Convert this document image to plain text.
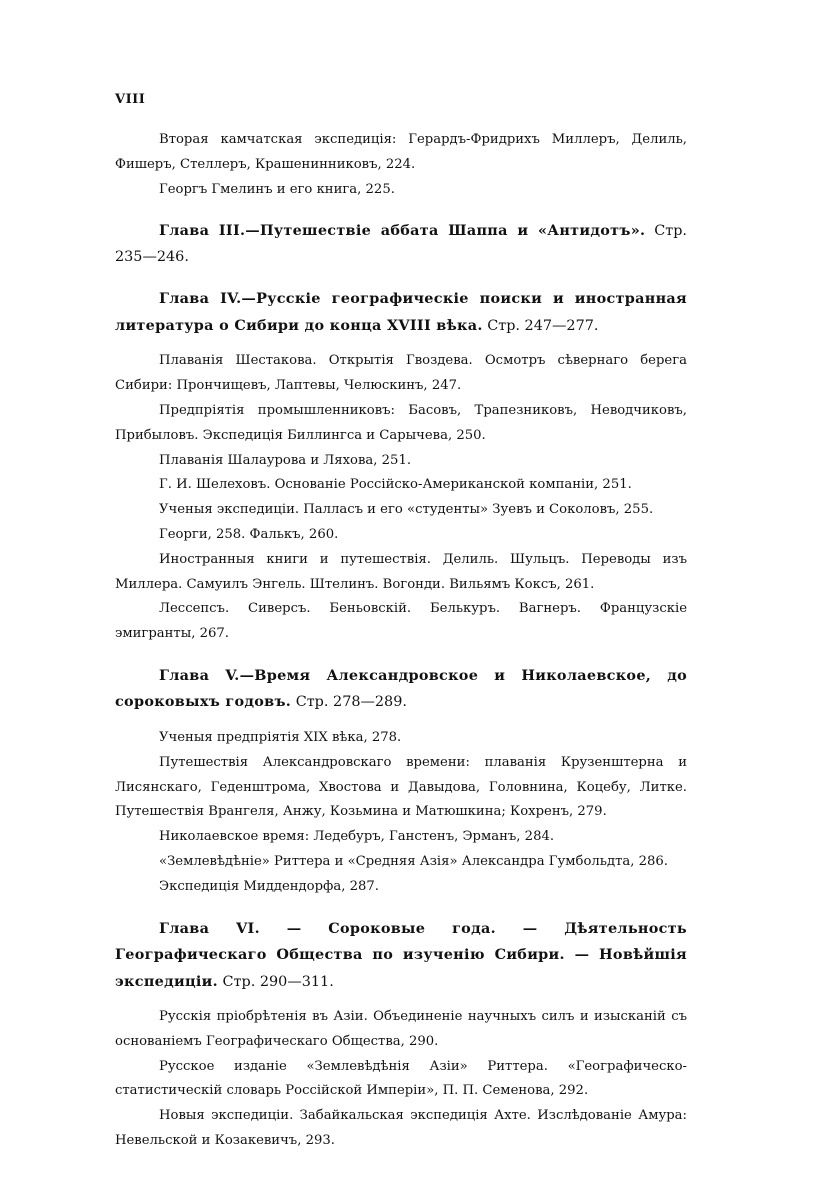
VIII
Вторая камчатская экспедиція: Герардъ-Фридрихъ Миллеръ, Делиль, Фишеръ, Стеллеръ, Крашенинниковъ, 224.
Георгъ Гмелинъ и его книга, 225.
Глава III.—Путешествіе аббата Шаппа и «Антидотъ». Стр. 235—246.
Глава IV.—Русскіе географическіе поиски и иностранная литература о Сибири до конца XVIII вѣка. Стр. 247—277.
Плаванія Шестакова. Открытія Гвоздева. Осмотръ сѣвернаго берега Сибири: Прончищевъ, Лаптевы, Челюскинъ, 247.
Предпріятія промышленниковъ: Басовъ, Трапезниковъ, Неводчиковъ, Прибыловъ. Экспедиція Биллингса и Сарычева, 250.
Плаванія Шалаурова и Ляхова, 251.
Г. И. Шелеховъ. Основаніе Россійско-Американской компаніи, 251.
Ученыя экспедиціи. Палласъ и его «студенты» Зуевъ и Соколовъ, 255.
Георги, 258. Фалькъ, 260.
Иностранныя книги и путешествія. Делиль. Шульцъ. Переводы изъ Миллера. Самуилъ Энгель. Штелинъ. Вогонди. Вильямъ Коксъ, 261.
Лессепсъ. Сиверсъ. Беньовскій. Белькуръ. Вагнеръ. Французскіе эмигранты, 267.
Глава V.—Время Александровское и Николаевское, до сороковыхъ годовъ. Стр. 278—289.
Ученыя предпріятія XIX вѣка, 278.
Путешествія Александровскаго времени: плаванія Крузенштерна и Лисянскаго, Геденштрома, Хвостова и Давыдова, Головнина, Коцебу, Литке. Путешествія Врангеля, Анжу, Козьмина и Матюшкина; Кохренъ, 279.
Николаевское время: Ледебуръ, Ганстенъ, Эрманъ, 284.
«Землевѣдѣніе» Риттера и «Средняя Азія» Александра Гумбольдта, 286.
Экспедиція Миддендорфа, 287.
Глава VI. — Сороковые года. — Дѣятельность Географическаго Общества по изученію Сибири. — Новѣйшія экспедиціи. Стр. 290—311.
Русскія пріобрѣтенія въ Азіи. Объединеніе научныхъ силъ и изысканій съ основаніемъ Географическаго Общества, 290.
Русское изданіе «Землевѣдѣнія Азіи» Риттера. «Географическо-статистическій словарь Россійской Имперіи», П. П. Семенова, 292.
Новыя экспедиціи. Забайкальская экспедиція Ахте. Изслѣдованіе Амура: Невельской и Козакевичъ, 293.
